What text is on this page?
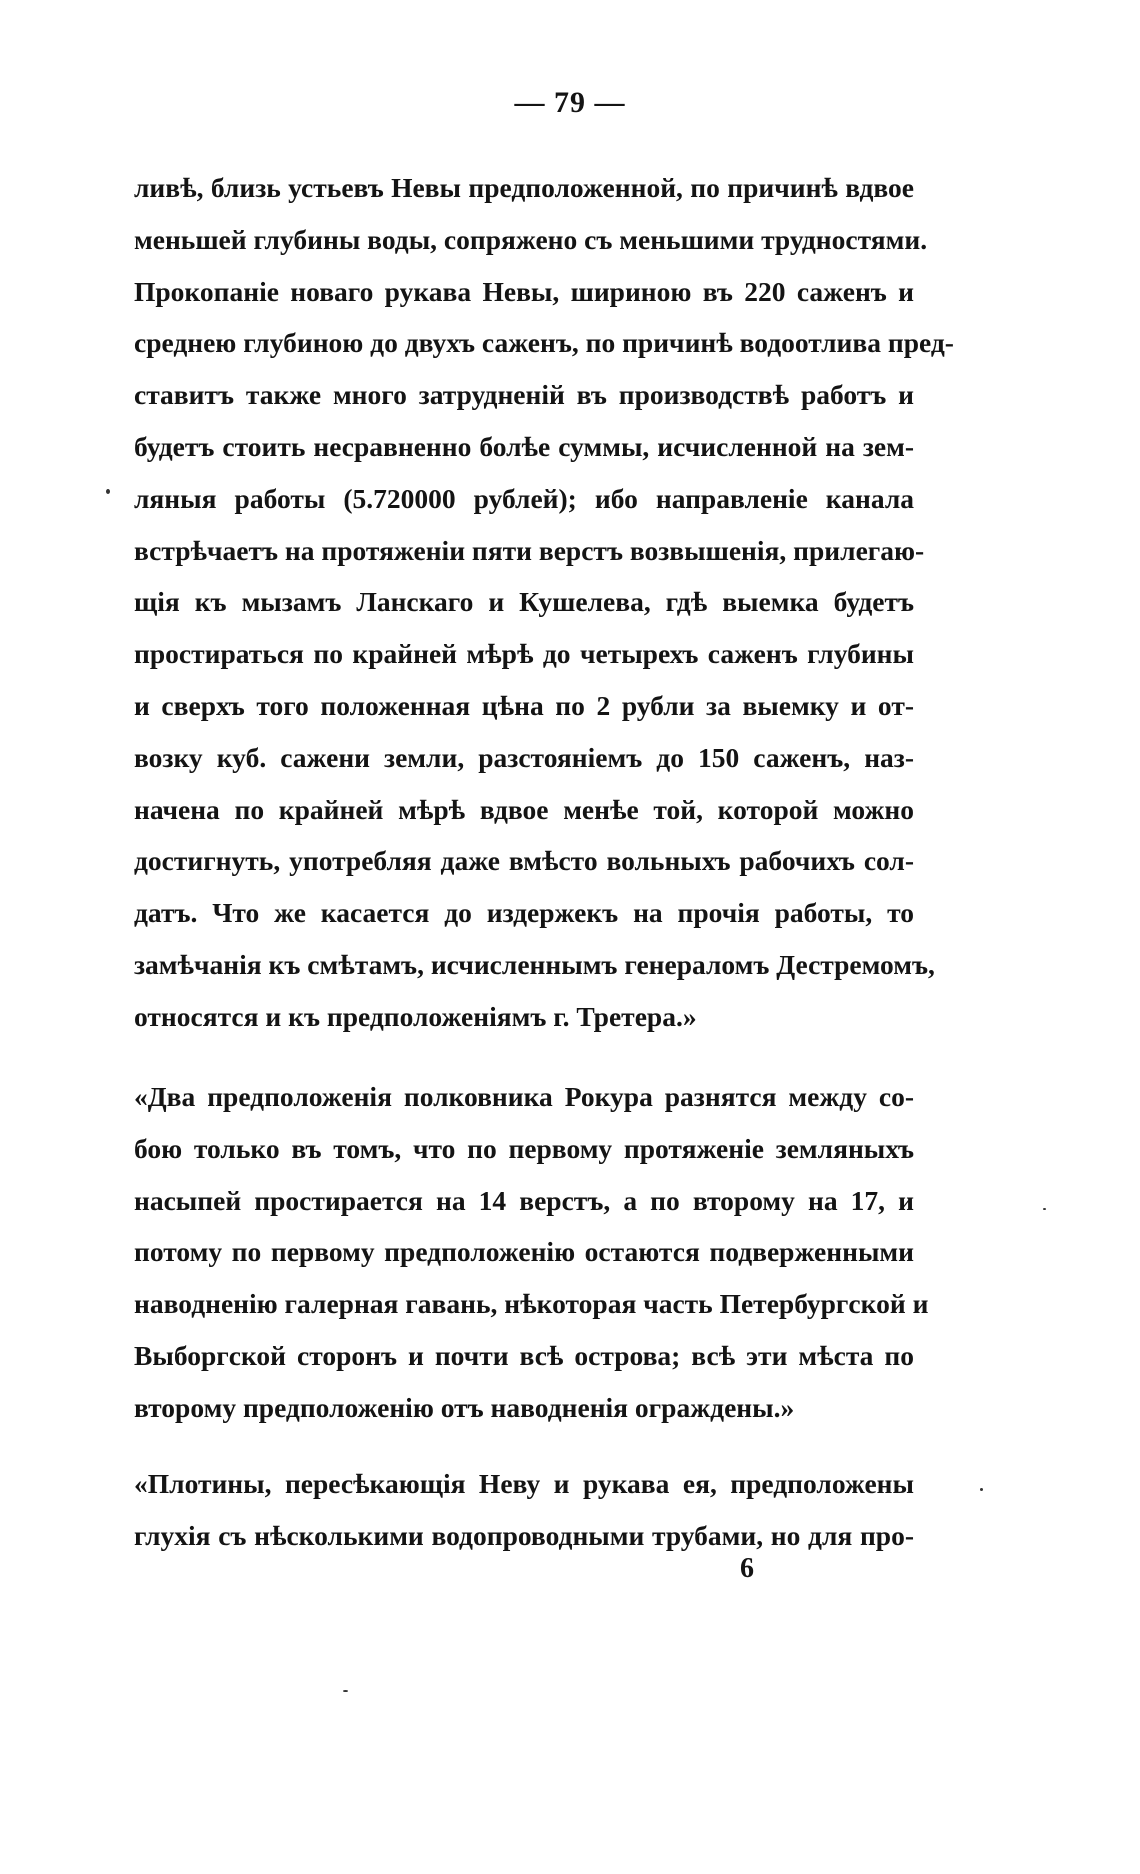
— 79 —

ливѣ, близь устьевъ Невы предположенной, по причинѣ вдвое
меньшей глубины воды, сопряжено съ меньшими трудностями.
Прокопаніе новаго рукава Невы, шириною въ 220 саженъ и
среднею глубиною до двухъ саженъ, по причинѣ водоотлива пред-
ставитъ также много затрудненій въ производствѣ работъ и
будетъ стоить несравненно болѣе суммы, исчисленной на зем-
ляныя работы (5.720000 рублей); ибо направленіе канала
встрѣчаетъ на протяженіи пяти верстъ возвышенія, прилегаю-
щія къ мызамъ Ланскаго и Кушелева, гдѣ выемка будетъ
простираться по крайней мѣрѣ до четырехъ саженъ глубины
и сверхъ того положенная цѣна по 2 рубли за выемку и от-
возку куб. сажени земли, разстояніемъ до 150 саженъ, наз-
начена по крайней мѣрѣ вдвое менѣе той, которой можно
достигнуть, употребляя даже вмѣсто вольныхъ рабочихъ сол-
датъ. Что же касается до издержекъ на прочія работы, то
замѣчанія къ смѣтамъ, исчисленнымъ генераломъ Дестремомъ,
относятся и къ предположеніямъ г. Третера.»
«Два предположенія полковника Рокура разнятся между со-
бою только въ томъ, что по первому протяженіе земляныхъ
насыпей простирается на 14 верстъ, а по второму на 17, и
потому по первому предположенію остаются подверженными
наводненію галерная гавань, нѣкоторая часть Петербургской и
Выборгской сторонъ и почти всѣ острова; всѣ эти мѣста по
второму предположенію отъ наводненія ограждены.»
«Плотины, пересѣкающія Неву и рукава ея, предположены
глухія съ нѣсколькими водопроводными трубами, но для про-

6
